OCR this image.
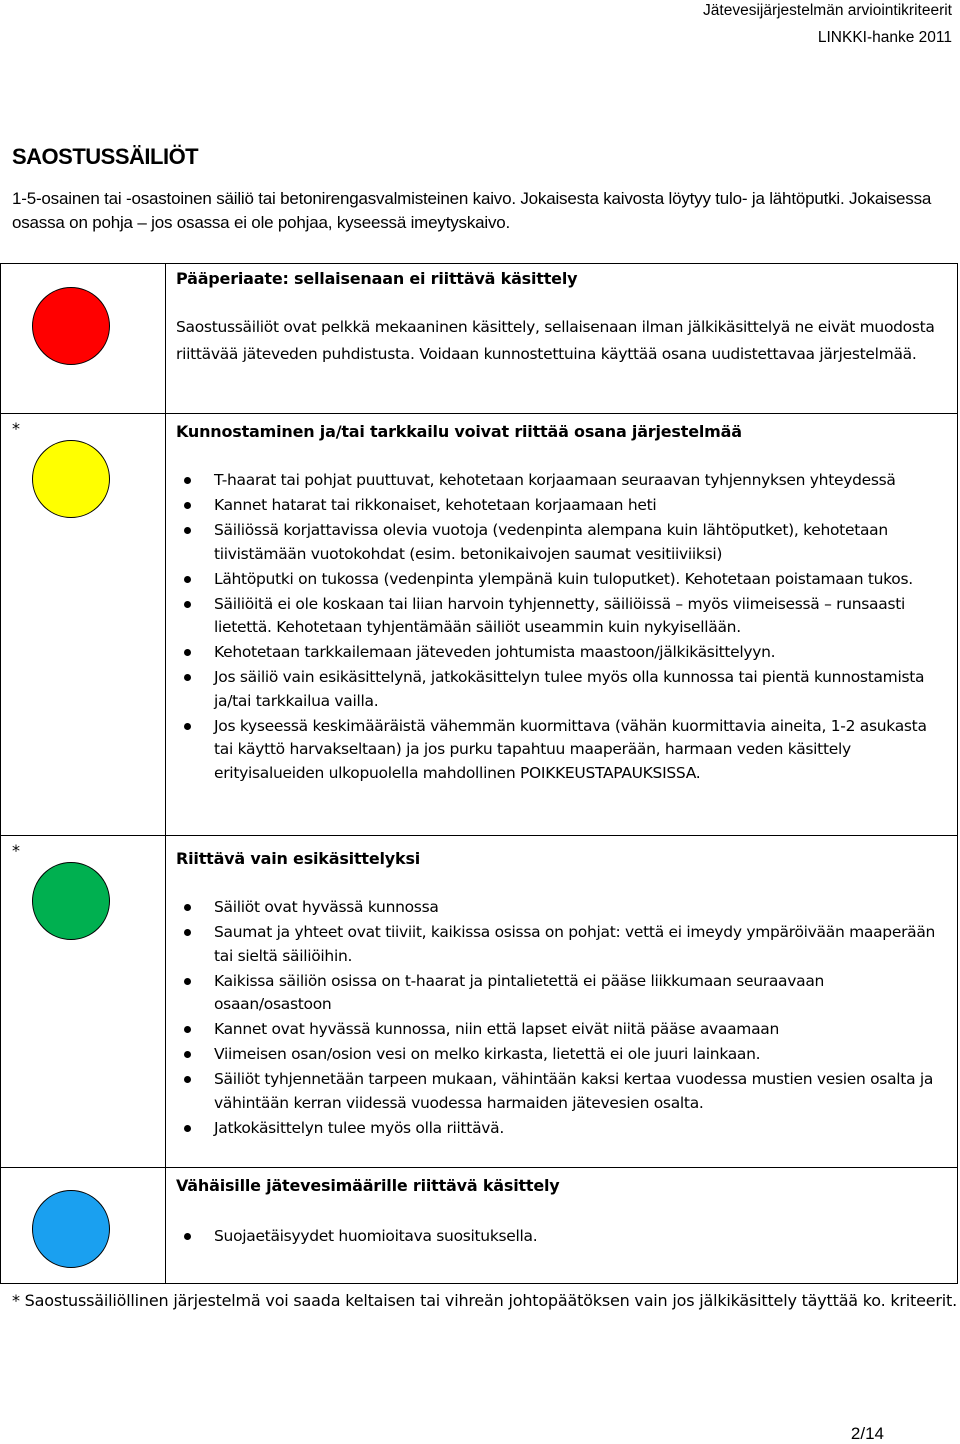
Jätevesijärjestelmän arviointikriteerit
LINKKI-hanke 2011
SAOSTUSSÄILIÖT
1-5-osainen tai -osastoinen säiliö tai betonirengasvalmisteinen kaivo. Jokaisesta kaivosta löytyy tulo- ja lähtöputki. Jokaisessa osassa on pohja – jos osassa ei ole pohjaa, kyseessä imeytyskaivo.
Pääperiaate: sellaisenaan ei riittävä käsittely
Saostussäiliöt ovat pelkkä mekaaninen käsittely, sellaisenaan ilman jälkikäsittelyä ne eivät muodosta riittävää jäteveden puhdistusta. Voidaan kunnostettuina käyttää osana uudistettavaa järjestelmää.
*	Kunnostaminen ja/tai tarkkailu voivat riittää osana järjestelmää
T-haarat tai pohjat puuttuvat, kehotetaan korjaamaan seuraavan tyhjennyksen yhteydessä
Kannet hatarat tai rikkonaiset, kehotetaan korjaamaan heti
Säiliössä korjattavissa olevia vuotoja (vedenpinta alempana kuin lähtöputket), kehotetaan tiivistämään vuotokohdat (esim. betonikaivojen saumat vesitiiviiksi)
Lähtöputki on tukossa (vedenpinta ylempänä kuin tuloputket). Kehotetaan poistamaan tukos.
Säiliöitä ei ole koskaan tai liian harvoin tyhjennetty, säiliöissä – myös viimeisessä – runsaasti lietettä. Kehotetaan tyhjentämään säiliöt useammin kuin nykyisellään.
Kehotetaan tarkkailemaan jäteveden johtumista maastoon/jälkikäsittelyyn.
Jos säiliö vain esikäsittelynä, jatkokäsittelyn tulee myös olla kunnossa tai pientä kunnostamista ja/tai tarkkailua vailla.
Jos kyseessä keskimääräistä vähemmän kuormittava (vähän kuormittavia aineita, 1-2 asukasta tai käyttö harvakseltaan) ja jos purku tapahtuu maaperään, harmaan veden käsittely erityisalueiden ulkopuolella mahdollinen POIKKEUSTAPAUKSISSA.
*	Riittävä vain esikäsittelyksi
Säiliöt ovat hyvässä kunnossa
Saumat ja yhteet ovat tiiviit, kaikissa osissa on pohjat: vettä ei imeydy ympäröivään maaperään tai sieltä säiliöihin.
Kaikissa säiliön osissa on t-haarat ja pintalietettä ei pääse liikkumaan seuraavaan osaan/osastoon
Kannet ovat hyvässä kunnossa, niin että lapset eivät niitä pääse avaamaan
Viimeisen osan/osion vesi on melko kirkasta, lietettä ei ole juuri lainkaan.
Säiliöt tyhjennetään tarpeen mukaan, vähintään kaksi kertaa vuodessa mustien vesien osalta ja vähintään kerran viidessä vuodessa harmaiden jätevesien osalta.
Jatkokäsittelyn tulee myös olla riittävä.
Vähäisille jätevesimäärille riittävä käsittely
Suojaetäisyydet huomioitava suosituksella.
* Saostussäiliöllinen järjestelmä voi saada keltaisen tai vihreän johtopäätöksen vain jos jälkikäsittely täyttää ko. kriteerit.
2/14
